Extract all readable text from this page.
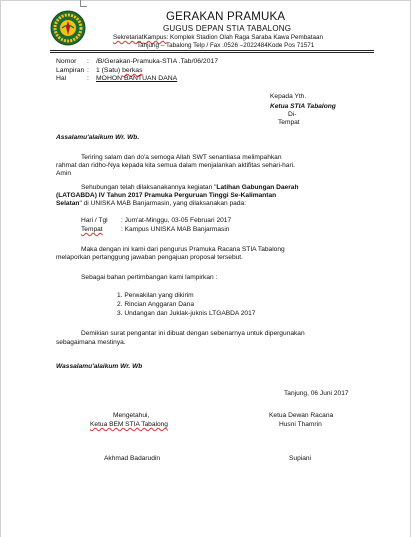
GERAKAN PRAMUKA
GUGUS DEPAN STIA TABALONG
SekretariatKampus: Komplek Stadion Olah Raga Saraba Kawa Pembataan
Tanjung – Tabalong Telp / Fax .0526 –2022484Kode Pos 71571
Nomor : /B/Gerakan-Pramuka-STIA .Tab/06/2017
Lampiran : 1 (Satu) berkas
Hal	: MOHON BANTUAN DANA
Kepada Yth.
Ketua STIA Tabalong
Di-
Tempat
Assalamu'alaikum Wr. Wb.
Teriring salam dan do'a semoga Allah SWT senantiasa melimpahkan
rahmat dan ridho-Nya kepada kita semua dalam menjalankan aktifitas sehari-hari.
Amin
Sehubungan telah dilaksanakannya kegiatan "Latihan Gabungan Daerah
(LATGABDA) IV Tahun 2017 Pramuka Perguruan Tinggi Se-Kalimantan
Selatan" di UNISKA MAB Banjarmasin, yang dilaksanakan pada:
Hari / Tgl : Jum'at-Minggu, 03-05 Februari 2017
Tempat	: Kampus UNISKA MAB Banjarmasin
Maka dengan ini kami dari pengurus Pramuka Racana STIA Tabalong
melaporkan pertanggung jawaban pengajuan proposal tersebut.
Sebagai bahan pertimbangan kami lampirkan :
1. Perwakilan yang dikirim
2. Rincian Anggaran Dana
3. Undangan dan Juklak-juknis LTGABDA 2017
Demikian surat pengantar ini dibuat dengan sebenarnya untuk dipergunakan
sebagaimana mestinya.
Wassalamu'alaikum Wr. Wb
Tanjung, 06 Juni 2017
Mengetahui,
Ketua BEM STIA Tabalong
Ketua Dewan Racana
Husni Thamrin
Akhmad Badarudin	Supiani
